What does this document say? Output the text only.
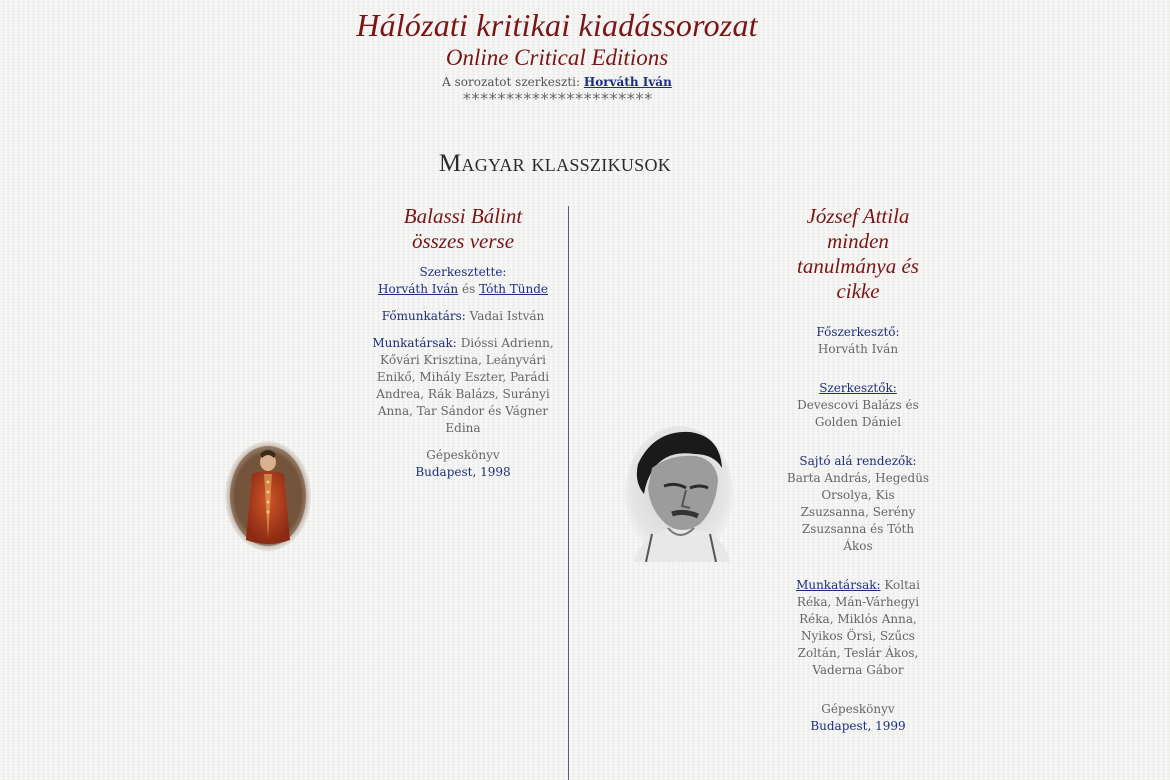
Hálózati kritikai kiadássorozat
Online Critical Editions
A sorozatot szerkeszti: Horváth Iván
**********************
Magyar klasszikusok
Balassi Bálint
összes verse

Szerkesztette:
Horváth Iván és Tóth Tünde

Főmunkatárs: Vadai István

Munkatársak: Dióssi Adrienn, Kővári Krisztina, Leányvári Enikő, Mihály Eszter, Parádi Andrea, Rák Balázs, Surányi Anna, Tar Sándor és Vágner Edina

Gépeskönyv
Budapest, 1998

József Attila
minden
tanulmánya és
cikke

Főszerkesztő:
Horváth Iván

Szerkesztők:
Devescovi Balázs és Golden Dániel

Sajtó alá rendezők:
Barta András, Hegedüs Orsolya, Kis Zsuzsanna, Serény Zsuzsanna és Tóth Ákos

Munkatársak: Koltai Réka, Mán-Várhegyi Réka, Miklós Anna, Nyikos Örsi, Szűcs Zoltán, Teslár Ákos, Vaderna Gábor

Gépeskönyv
Budapest, 1999
